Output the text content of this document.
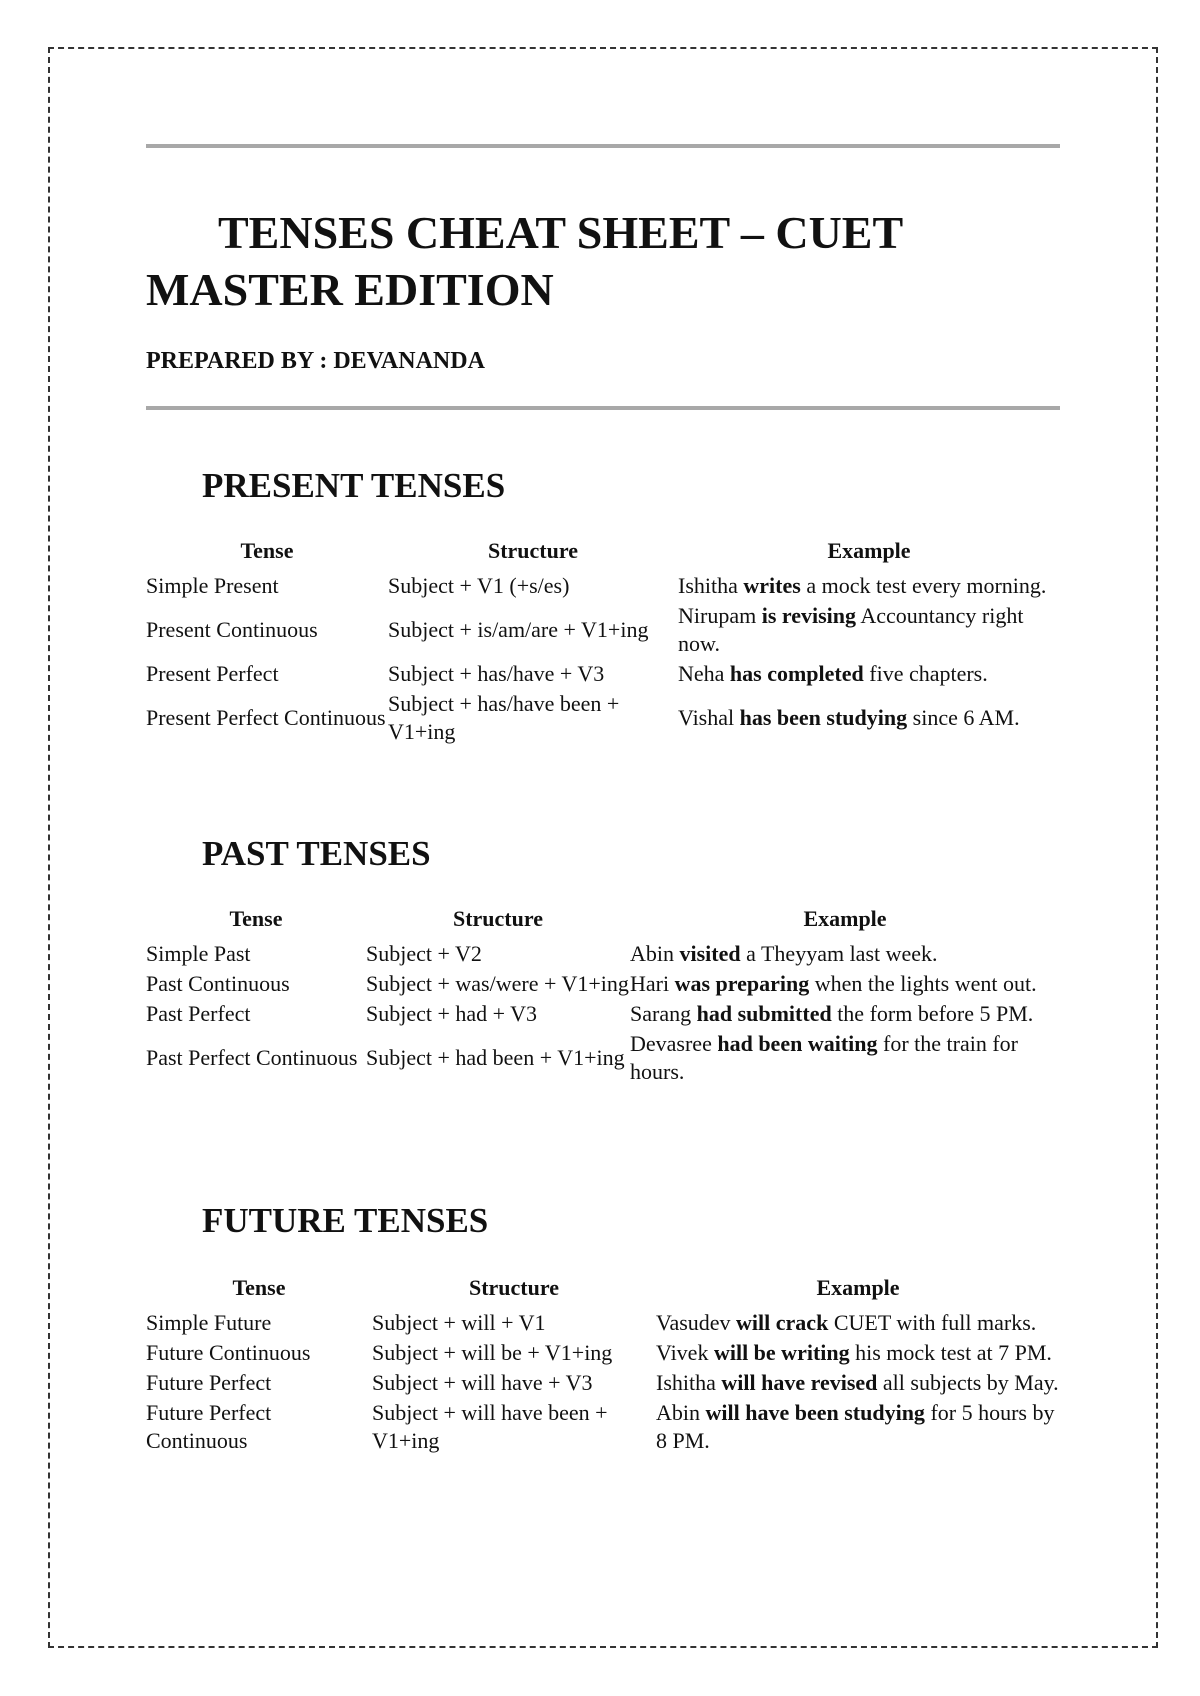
TENSES CHEAT SHEET – CUET MASTER EDITION

PREPARED BY : DEVANANDA

PRESENT TENSES
Tense	Structure	Example
Simple Present	Subject + V1 (+s/es)	Ishitha writes a mock test every morning.
Present Continuous	Subject + is/am/are + V1+ing	Nirupam is revising Accountancy right now.
Present Perfect	Subject + has/have + V3	Neha has completed five chapters.
Present Perfect Continuous	Subject + has/have been + V1+ing	Vishal has been studying since 6 AM.
PAST TENSES
Tense	Structure	Example
Simple Past	Subject + V2	Abin visited a Theyyam last week.
Past Continuous	Subject + was/were + V1+ing	Hari was preparing when the lights went out.
Past Perfect	Subject + had + V3	Sarang had submitted the form before 5 PM.
Past Perfect Continuous	Subject + had been + V1+ing	Devasree had been waiting for the train for hours.
FUTURE TENSES
Tense	Structure	Example
Simple Future	Subject + will + V1	Vasudev will crack CUET with full marks.
Future Continuous	Subject + will be + V1+ing	Vivek will be writing his mock test at 7 PM.
Future Perfect	Subject + will have + V3	Ishitha will have revised all subjects by May.
Future Perfect Continuous	Subject + will have been + V1+ing	Abin will have been studying for 5 hours by 8 PM.
